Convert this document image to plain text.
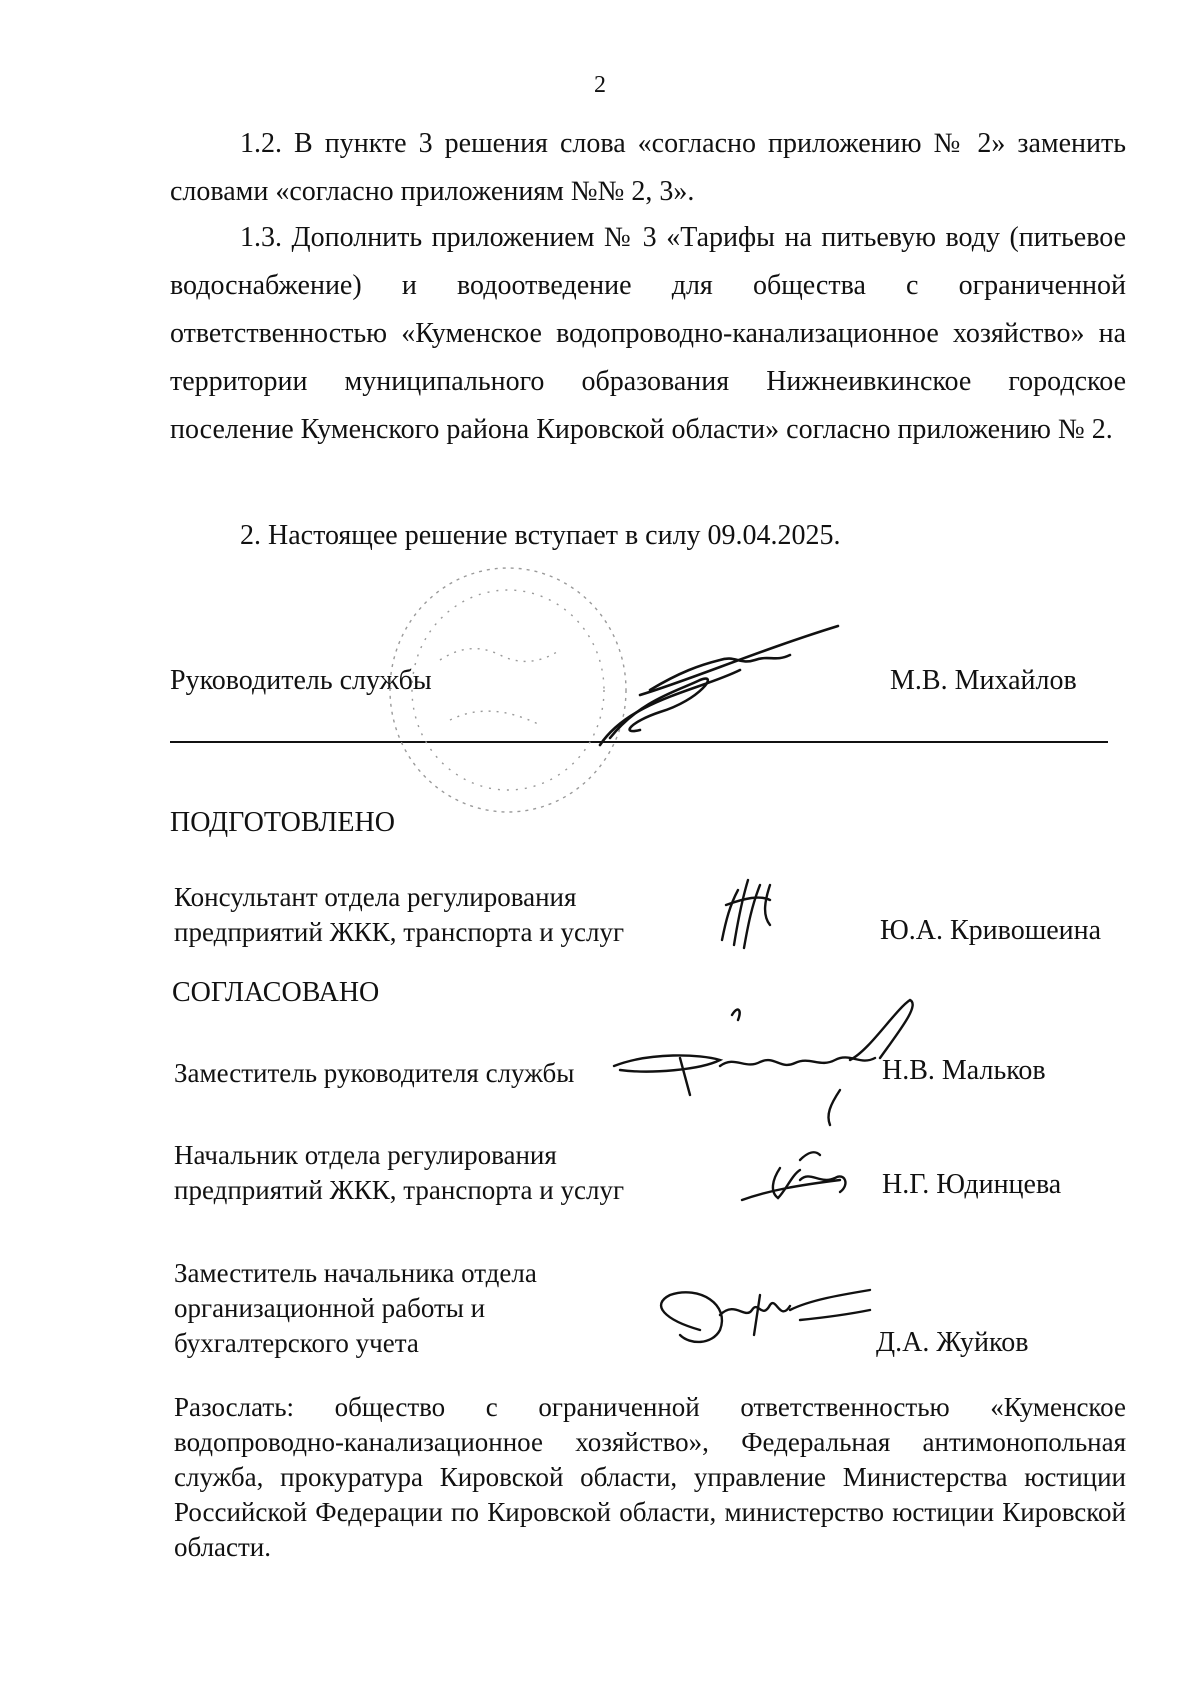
2
1.2. В пункте 3 решения слова «согласно приложению № 2» заменить словами «согласно приложениям №№ 2, 3».
1.3. Дополнить приложением № 3 «Тарифы на питьевую воду (питьевое водоснабжение) и водоотведение для общества с ограниченной ответственностью «Куменское водопроводно-канализационное хозяйство» на территории муниципального образования Нижнеивкинское городское поселение Куменского района Кировской области» согласно приложению № 2.
2. Настоящее решение вступает в силу 09.04.2025.
Руководитель службы	М.В. Михайлов
ПОДГОТОВЛЕНО
Консультант отдела регулирования
предприятий ЖКК, транспорта и услуг	Ю.А. Кривошеина
СОГЛАСОВАНО
Заместитель руководителя службы	Н.В. Мальков
Начальник отдела регулирования
предприятий ЖКК, транспорта и услуг	Н.Г. Юдинцева
Заместитель начальника отдела
организационной работы и
бухгалтерского учета	Д.А. Жуйков
Разослать: общество с ограниченной ответственностью «Куменское водопроводно-канализационное хозяйство», Федеральная антимонопольная служба, прокуратура Кировской области, управление Министерства юстиции Российской Федерации по Кировской области, министерство юстиции Кировской области.
